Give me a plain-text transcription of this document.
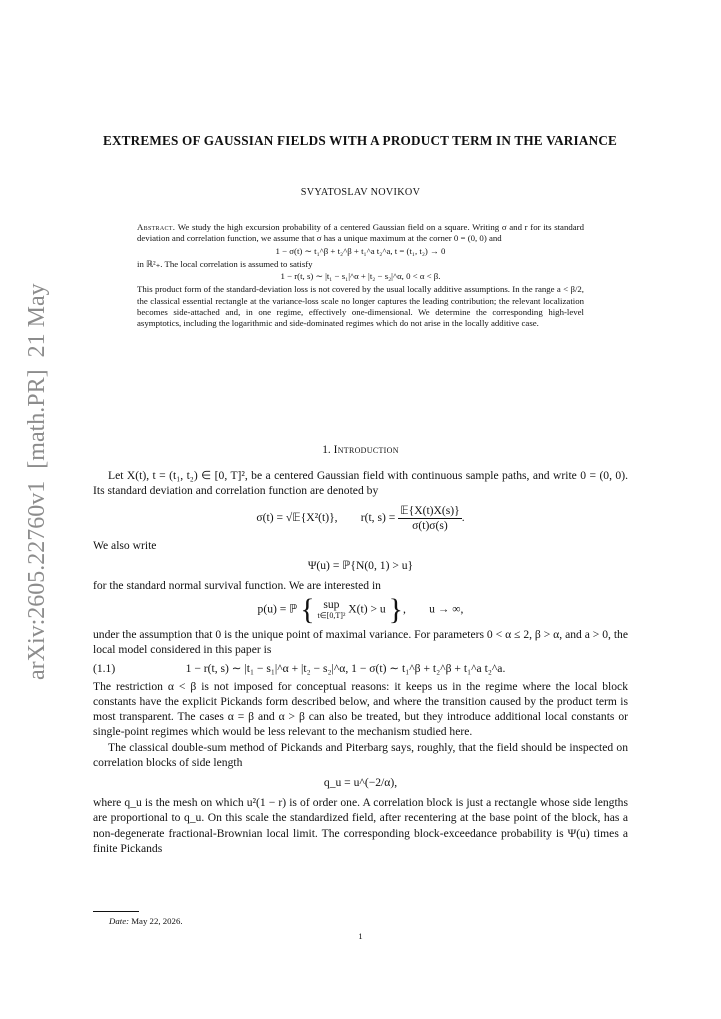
arXiv:2605.22760v1  [math.PR]  21 May 2026
EXTREMES OF GAUSSIAN FIELDS WITH A PRODUCT TERM IN THE VARIANCE
SVYATOSLAV NOVIKOV

Abstract. We study the high excursion probability of a centered Gaussian field on a square. Writing σ and r for its standard deviation and correlation function, we assume that σ has a unique maximum at the corner 0 = (0, 0) and

1 − σ(t) ∼ t₁^β + t₂^β + t₁^a t₂^a, t = (t₁, t₂) → 0

in ℝ²₊. The local correlation is assumed to satisfy

1 − r(t, s) ∼ |t₁ − s₁|^α + |t₂ − s₂|^α, 0 < α < β.

This product form of the standard-deviation loss is not covered by the usual locally additive assumptions. In the range a < β/2, the classical essential rectangle at the variance-loss scale no longer captures the leading contribution; the relevant localization becomes side-attached and, in one regime, effectively one-dimensional. We determine the corresponding high-level asymptotics, including the logarithmic and side-dominated regimes which do not arise in the locally additive case.

1. Introduction

Let X(t), t = (t₁, t₂) ∈ [0, T]², be a centered Gaussian field with continuous sample paths, and write 0 = (0, 0). Its standard deviation and correlation function are denoted by

σ(t) = √𝔼{X²(t)}, r(t, $s) = \frac{\text{𝔼\{X(t)X(s)\}}}{\sigma(t)\sigma(s)}$ .

We also write

Ψ(u) = ℙ{N(0, 1) > u}

for the standard normal survival function. We are interested in

p(u) = ℙ { sup
t∈[0,T]² X(t) > u },        u → ∞,

under the assumption that 0 is the unique point of maximal variance. For parameters 0 < α ≤ 2, β > α, and a > 0, the local model considered in this paper is

(1.1)	1 − r(t, s) ∼ |t₁ − s₁|^α + |t₂ − s₂|^α, 1 − σ(t) ∼ t₁^β + t₂^β + t₁^a t₂^a.

The restriction α < β is not imposed for conceptual reasons: it keeps us in the regime where the local block constants have the explicit Pickands form described below, and where the transition caused by the product term is most transparent. The cases α = β and α > β can also be treated, but they introduce additional local constants or single-point regimes which would be less relevant to the mechanism studied here.

The classical double-sum method of Pickands and Piterbarg says, roughly, that the field should be inspected on correlation blocks of side length

q_u = u^(−2/α),

where q_u is the mesh on which u²(1 − r) is of order one. A correlation block is just a rectangle whose side lengths are proportional to q_u. On this scale the standardized field, after recentering at the base point of the block, has a non-degenerate fractional-Brownian local limit. The corresponding block-exceedance probability is Ψ(u) times a finite Pickands

Date: May 22, 2026.
1
